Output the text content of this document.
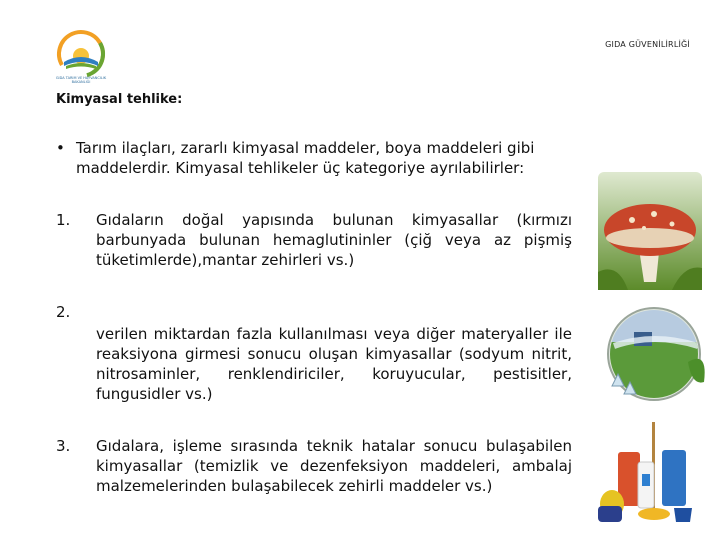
GIDA GÜVENİLİRLİĞİ
GIDA TARIM VE HAYVANCILIK BAKANLIĞI
Kimyasal tehlike:
• Tarım ilaçları, zararlı kimyasal maddeler, boya maddeleri gibi maddelerdir. Kimyasal tehlikeler üç kategoriye ayrılabilirler:
1. Gıdaların doğal yapısında bulunan kimyasallar (kırmızı barbunyada bulunan hemaglutininler (çiğ veya az pişmiş tüketimlerde),mantar zehirleri vs.)
2.
verilen miktardan fazla kullanılması veya diğer materyaller ile reaksiyona girmesi sonucu oluşan kimyasallar (sodyum nitrit, nitrosaminler, renklendiriciler, koruyucular, pestisitler, fungusidler vs.)
3. Gıdalara, işleme sırasında teknik hatalar sonucu bulaşabilen kimyasallar (temizlik ve dezenfeksiyon maddeleri, ambalaj malzemelerinden bulaşabilecek zehirli maddeler vs.)
